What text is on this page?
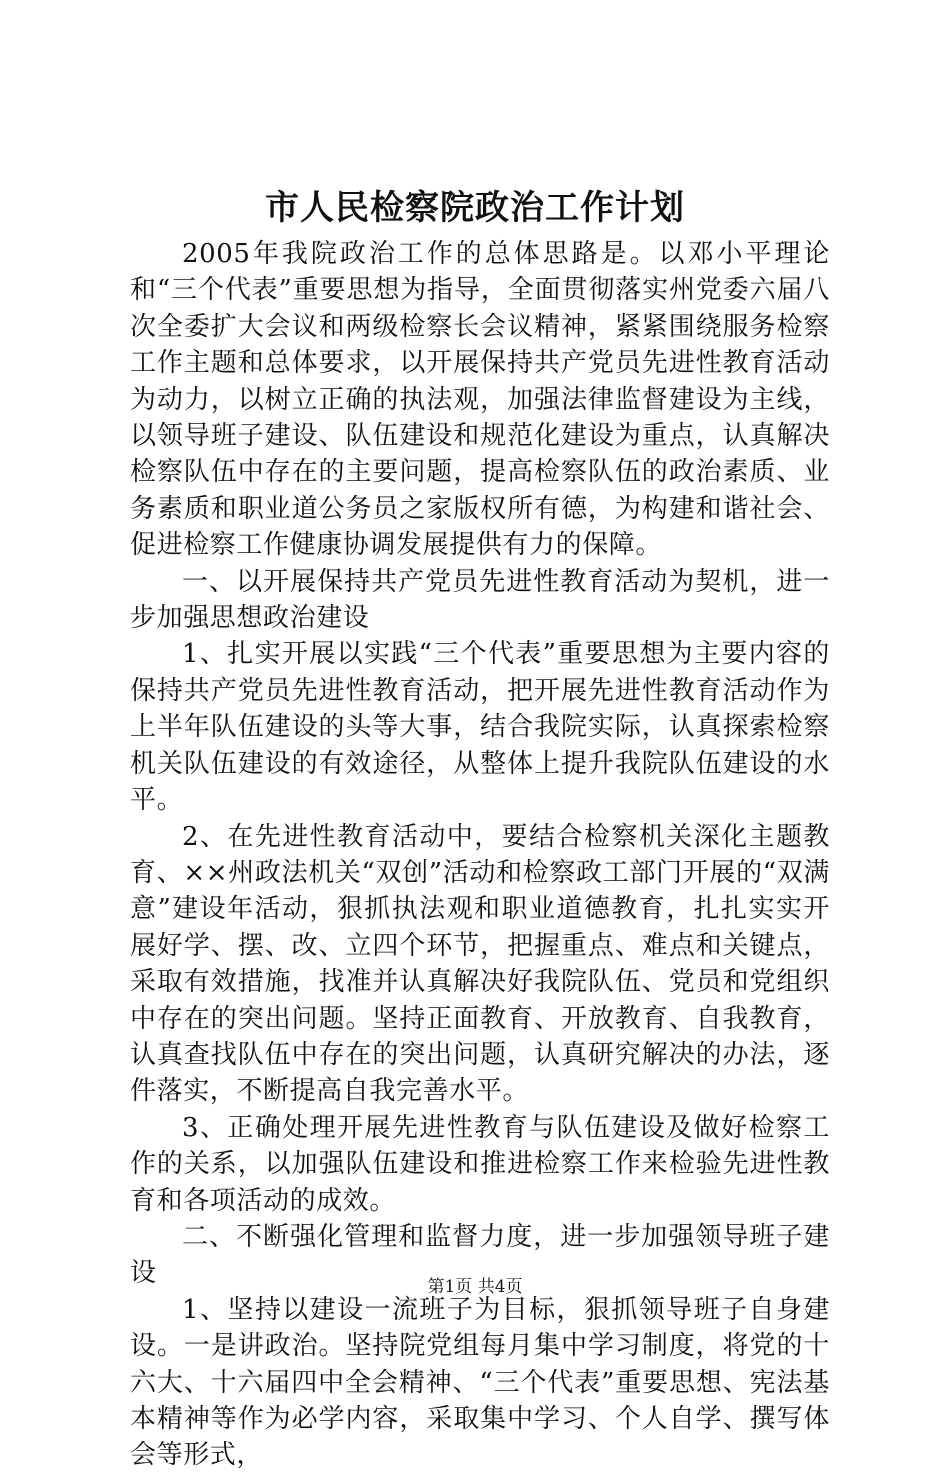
市人民检察院政治工作计划

2005年我院政治工作的总体思路是。以邓小平理论和“三个代表”重要思想为指导，全面贯彻落实州党委六届八次全委扩大会议和两级检察长会议精神，紧紧围绕服务检察工作主题和总体要求，以开展保持共产党员先进性教育活动为动力，以树立正确的执法观，加强法律监督建设为主线，以领导班子建设、队伍建设和规范化建设为重点，认真解决检察队伍中存在的主要问题，提高检察队伍的政治素质、业务素质和职业道公务员之家版权所有德，为构建和谐社会、促进检察工作健康协调发展提供有力的保障。

一、以开展保持共产党员先进性教育活动为契机，进一步加强思想政治建设

1、扎实开展以实践“三个代表”重要思想为主要内容的保持共产党员先进性教育活动，把开展先进性教育活动作为上半年队伍建设的头等大事，结合我院实际，认真探索检察机关队伍建设的有效途径，从整体上提升我院队伍建设的水平。

2、在先进性教育活动中，要结合检察机关深化主题教育、××州政法机关“双创”活动和检察政工部门开展的“双满意”建设年活动，狠抓执法观和职业道德教育，扎扎实实开展好学、摆、改、立四个环节，把握重点、难点和关键点，采取有效措施，找准并认真解决好我院队伍、党员和党组织中存在的突出问题。坚持正面教育、开放教育、自我教育，认真查找队伍中存在的突出问题，认真研究解决的办法，逐件落实，不断提高自我完善水平。

3、正确处理开展先进性教育与队伍建设及做好检察工作的关系，以加强队伍建设和推进检察工作来检验先进性教育和各项活动的成效。

二、不断强化管理和监督力度，进一步加强领导班子建设

1、坚持以建设一流班子为目标，狠抓领导班子自身建设。一是讲政治。坚持院党组每月集中学习制度，将党的十六大、十六届四中全会精神、“三个代表”重要思想、宪法基本精神等作为必学内容，采取集中学习、个人自学、撰写体会等形式，

第1页 共4页
